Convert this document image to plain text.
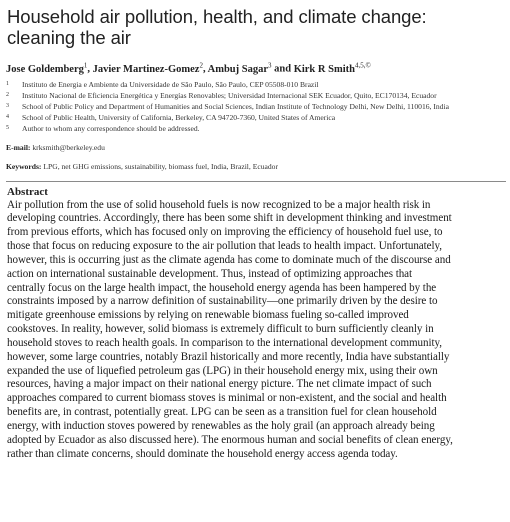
Household air pollution, health, and climate change:
cleaning the air
Jose Goldemberg$^1$, Javier Martinez-Gomez$^2$, Ambuj Sagar$^3$ and Kirk R Smith$^{4,5,©}$
1	Instituto de Energia e Ambiente da Universidade de São Paulo, São Paulo, CEP 05508-010 Brazil
2	Instituto Nacional de Eficiencia Energética y Energías Renovables; Universidad Internacional SEK Ecuador, Quito, EC170134, Ecuador
3	School of Public Policy and Department of Humanities and Social Sciences, Indian Institute of Technology Delhi, New Delhi, 110016, India
4	School of Public Health, University of California, Berkeley, CA 94720-7360, United States of America
5	Author to whom any correspondence should be addressed.
E-mail: krksmith@berkeley.edu
Keywords: LPG, net GHG emissions, sustainability, biomass fuel, India, Brazil, Ecuador
Abstract
Air pollution from the use of solid household fuels is now recognized to be a major health risk in
developing countries. Accordingly, there has been some shift in development thinking and investment
from previous efforts, which has focused only on improving the efficiency of household fuel use, to
those that focus on reducing exposure to the air pollution that leads to health impact. Unfortunately,
however, this is occurring just as the climate agenda has come to dominate much of the discourse and
action on international sustainable development. Thus, instead of optimizing approaches that
centrally focus on the large health impact, the household energy agenda has been hampered by the
constraints imposed by a narrow definition of sustainability—one primarily driven by the desire to
mitigate greenhouse emissions by relying on renewable biomass fueling so-called improved
cookstoves. In reality, however, solid biomass is extremely difficult to burn sufficiently cleanly in
household stoves to reach health goals. In comparison to the international development community,
however, some large countries, notably Brazil historically and more recently, India have substantially
expanded the use of liquefied petroleum gas (LPG) in their household energy mix, using their own
resources, having a major impact on their national energy picture. The net climate impact of such
approaches compared to current biomass stoves is minimal or non-existent, and the social and health
benefits are, in contrast, potentially great. LPG can be seen as a transition fuel for clean household
energy, with induction stoves powered by renewables as the holy grail (an approach already being
adopted by Ecuador as also discussed here). The enormous human and social benefits of clean energy,
rather than climate concerns, should dominate the household energy access agenda today.
